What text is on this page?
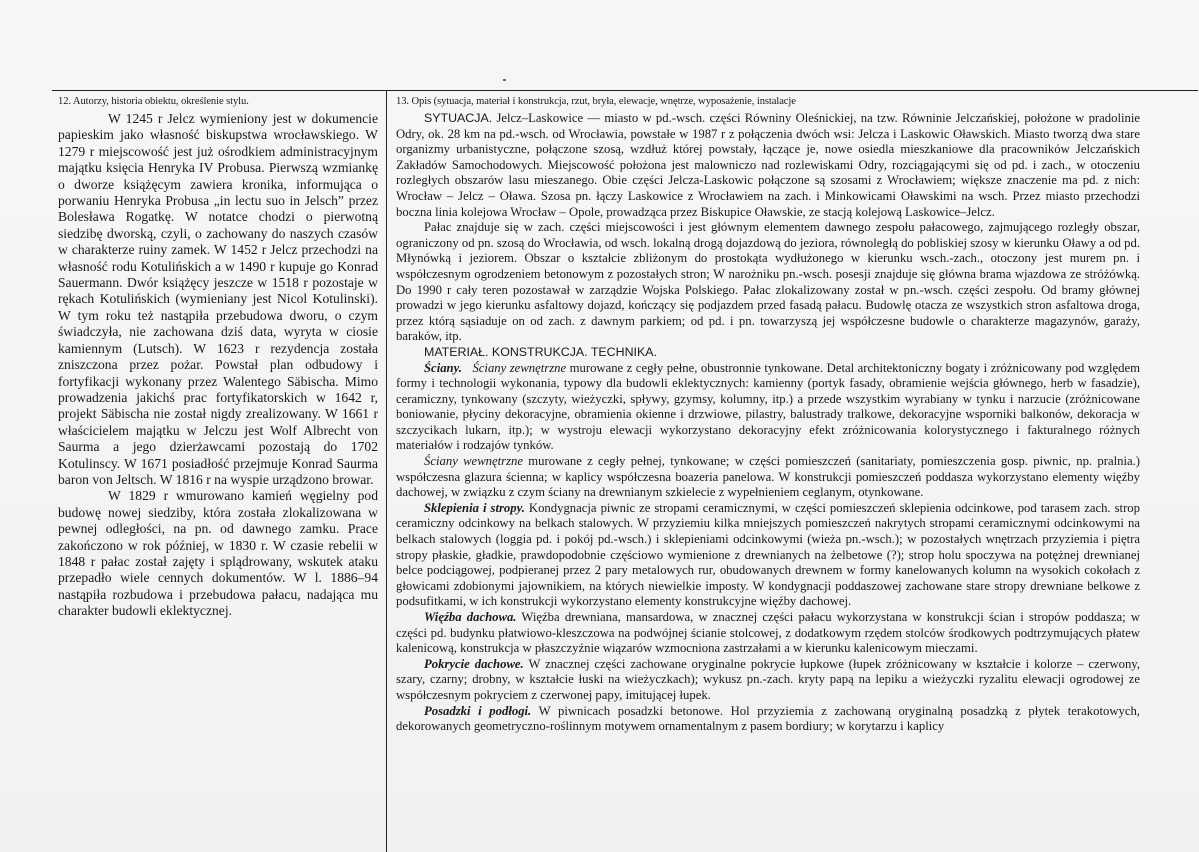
12. Autorzy, historia obiektu, określenie stylu.

W 1245 r Jelcz wymieniony jest w dokumencie papieskim jako własność biskupstwa wrocławskiego. W 1279 r miejscowość jest już ośrodkiem administracyjnym majątku księcia Henryka IV Probusa. Pierwszą wzmiankę o dworze książęcym zawiera kronika, informująca o porwaniu Henryka Probusa „in lectu suo in Jelsch” przez Bolesława Rogatkę. W notatce chodzi o pierwotną siedzibę dworską, czyli, o zachowany do naszych czasów w charakterze ruiny zamek. W 1452 r Jelcz przechodzi na własność rodu Kotulińskich a w 1490 r kupuje go Konrad Sauermann. Dwór książęcy jeszcze w 1518 r pozostaje w rękach Kotulińskich (wymieniany jest Nicol Kotulinski). W tym roku też nastąpiła przebudowa dworu, o czym świadczyła, nie zachowana dziś data, wyryta w ciosie kamiennym (Lutsch). W 1623 r rezydencja została zniszczona przez pożar. Powstał plan odbudowy i fortyfikacji wykonany przez Walentego Säbischa. Mimo prowadzenia jakichś prac fortyfikatorskich w 1642 r, projekt Säbischa nie został nigdy zrealizowany. W 1661 r właścicielem majątku w Jelczu jest Wolf Albrecht von Saurma a jego dzierżawcami pozostają do 1702 Kotulinscy. W 1671 posiadłość przejmuje Konrad Saurma baron von Jeltsch. W 1816 r na wyspie urządzono browar.

W 1829 r wmurowano kamień węgielny pod budowę nowej siedziby, która została zlokalizowana w pewnej odległości, na pn. od dawnego zamku. Prace zakończono w rok później, w 1830 r. W czasie rebelii w 1848 r pałac został zajęty i splądrowany, wskutek ataku przepadło wiele cennych dokumentów. W l. 1886–94 nastąpiła rozbudowa i przebudowa pałacu, nadająca mu charakter budowli eklektycznej.

13. Opis (sytuacja, materiał i konstrukcja, rzut, bryła, elewacje, wnętrze, wyposażenie, instalacje

SYTUACJA. Jelcz–Laskowice — miasto w pd.-wsch. części Równiny Oleśnickiej, na tzw. Równinie Jelczańskiej, położone w pradolinie Odry, ok. 28 km na pd.-wsch. od Wrocławia, powstałe w 1987 r z połączenia dwóch wsi: Jelcza i Laskowic Oławskich. Miasto tworzą dwa stare organizmy urbanistyczne, połączone szosą, wzdłuż której powstały, łączące je, nowe osiedla mieszkaniowe dla pracowników Jelczańskich Zakładów Samochodowych. Miejscowość położona jest malowniczo nad rozlewiskami Odry, rozciągającymi się od pd. i zach., w otoczeniu rozległych obszarów lasu mieszanego. Obie części Jelcza-Laskowic połączone są szosami z Wrocławiem; większe znaczenie ma pd. z nich: Wrocław – Jelcz – Oława. Szosa pn. łączy Laskowice z Wrocławiem na zach. i Minkowicami Oławskimi na wsch. Przez miasto przechodzi boczna linia kolejowa Wrocław – Opole, prowadząca przez Biskupice Oławskie, ze stacją kolejową Laskowice–Jelcz.

Pałac znajduje się w zach. części miejscowości i jest głównym elementem dawnego zespołu pałacowego, zajmującego rozległy obszar, ograniczony od pn. szosą do Wrocławia, od wsch. lokalną drogą dojazdową do jeziora, równoległą do pobliskiej szosy w kierunku Oławy a od pd. Młynówką i jeziorem. Obszar o kształcie zbliżonym do prostokąta wydłużonego w kierunku wsch.-zach., otoczony jest murem pn. i współczesnym ogrodzeniem betonowym z pozostałych stron; W narożniku pn.-wsch. posesji znajduje się główna brama wjazdowa ze stróżówką. Do 1990 r cały teren pozostawał w zarządzie Wojska Polskiego. Pałac zlokalizowany został w pn.-wsch. części zespołu. Od bramy głównej prowadzi w jego kierunku asfaltowy dojazd, kończący się podjazdem przed fasadą pałacu. Budowlę otacza ze wszystkich stron asfaltowa droga, przez którą sąsiaduje on od zach. z dawnym parkiem; od pd. i pn. towarzyszą jej współczesne budowle o charakterze magazynów, garaży, baraków, itp.

MATERIAŁ. KONSTRUKCJA. TECHNIKA.

Ściany. Ściany zewnętrzne murowane z cegły pełne, obustronnie tynkowane. Detal architektoniczny bogaty i zróżnicowany pod względem formy i technologii wykonania, typowy dla budowli eklektycznych: kamienny (portyk fasady, obramienie wejścia głównego, herb w fasadzie), ceramiczny, tynkowany (szczyty, wieżyczki, spływy, gzymsy, kolumny, itp.) a przede wszystkim wyrabiany w tynku i narzucie (zróżnicowane boniowanie, płyciny dekoracyjne, obramienia okienne i drzwiowe, pilastry, balustrady tralkowe, dekoracyjne wsporniki balkonów, dekoracja w szczycikach lukarn, itp.); w wystroju elewacji wykorzystano dekoracyjny efekt zróżnicowania kolorystycznego i fakturalnego różnych materiałów i rodzajów tynków.

Ściany wewnętrzne murowane z cegły pełnej, tynkowane; w części pomieszczeń (sanitariaty, pomieszczenia gosp. piwnic, np. pralnia.) współczesna glazura ścienna; w kaplicy współczesna boazeria panelowa. W konstrukcji pomieszczeń poddasza wykorzystano elementy więźby dachowej, w związku z czym ściany na drewnianym szkielecie z wypełnieniem ceglanym, otynkowane.

Sklepienia i stropy. Kondygnacja piwnic ze stropami ceramicznymi, w części pomieszczeń sklepienia odcinkowe, pod tarasem zach. strop ceramiczny odcinkowy na belkach stalowych. W przyziemiu kilka mniejszych pomieszczeń nakrytych stropami ceramicznymi odcinkowymi na belkach stalowych (loggia pd. i pokój pd.-wsch.) i sklepieniami odcinkowymi (wieża pn.-wsch.); w pozostałych wnętrzach przyziemia i piętra stropy płaskie, gładkie, prawdopodobnie częściowo wymienione z drewnianych na żelbetowe (?); strop holu spoczywa na potężnej drewnianej belce podciągowej, podpieranej przez 2 pary metalowych rur, obudowanych drewnem w formy kanelowanych kolumn na wysokich cokołach z głowicami zdobionymi jajownikiem, na których niewielkie imposty. W kondygnacji poddaszowej zachowane stare stropy drewniane belkowe z podsufitkami, w ich konstrukcji wykorzystano elementy konstrukcyjne więźby dachowej.

Więźba dachowa. Więźba drewniana, mansardowa, w znacznej części pałacu wykorzystana w konstrukcji ścian i stropów poddasza; w części pd. budynku płatwiowo-kleszczowa na podwójnej ścianie stolcowej, z dodatkowym rzędem stolców środkowych podtrzymujących płatew kalenicową, konstrukcja w płaszczyźnie wiązarów wzmocniona zastrzałami a w kierunku kalenicowym mieczami.

Pokrycie dachowe. W znacznej części zachowane oryginalne pokrycie łupkowe (łupek zróżnicowany w kształcie i kolorze – czerwony, szary, czarny; drobny, w kształcie łuski na wieżyczkach); wykusz pn.-zach. kryty papą na lepiku a wieżyczki ryzalitu elewacji ogrodowej ze współczesnym pokryciem z czerwonej papy, imitującej łupek.

Posadzki i podłogi. W piwnicach posadzki betonowe. Hol przyziemia z zachowaną oryginalną posadzką z płytek terakotowych, dekorowanych geometryczno-roślinnym motywem ornamentalnym z pasem bordiury; w korytarzu i kaplicy
